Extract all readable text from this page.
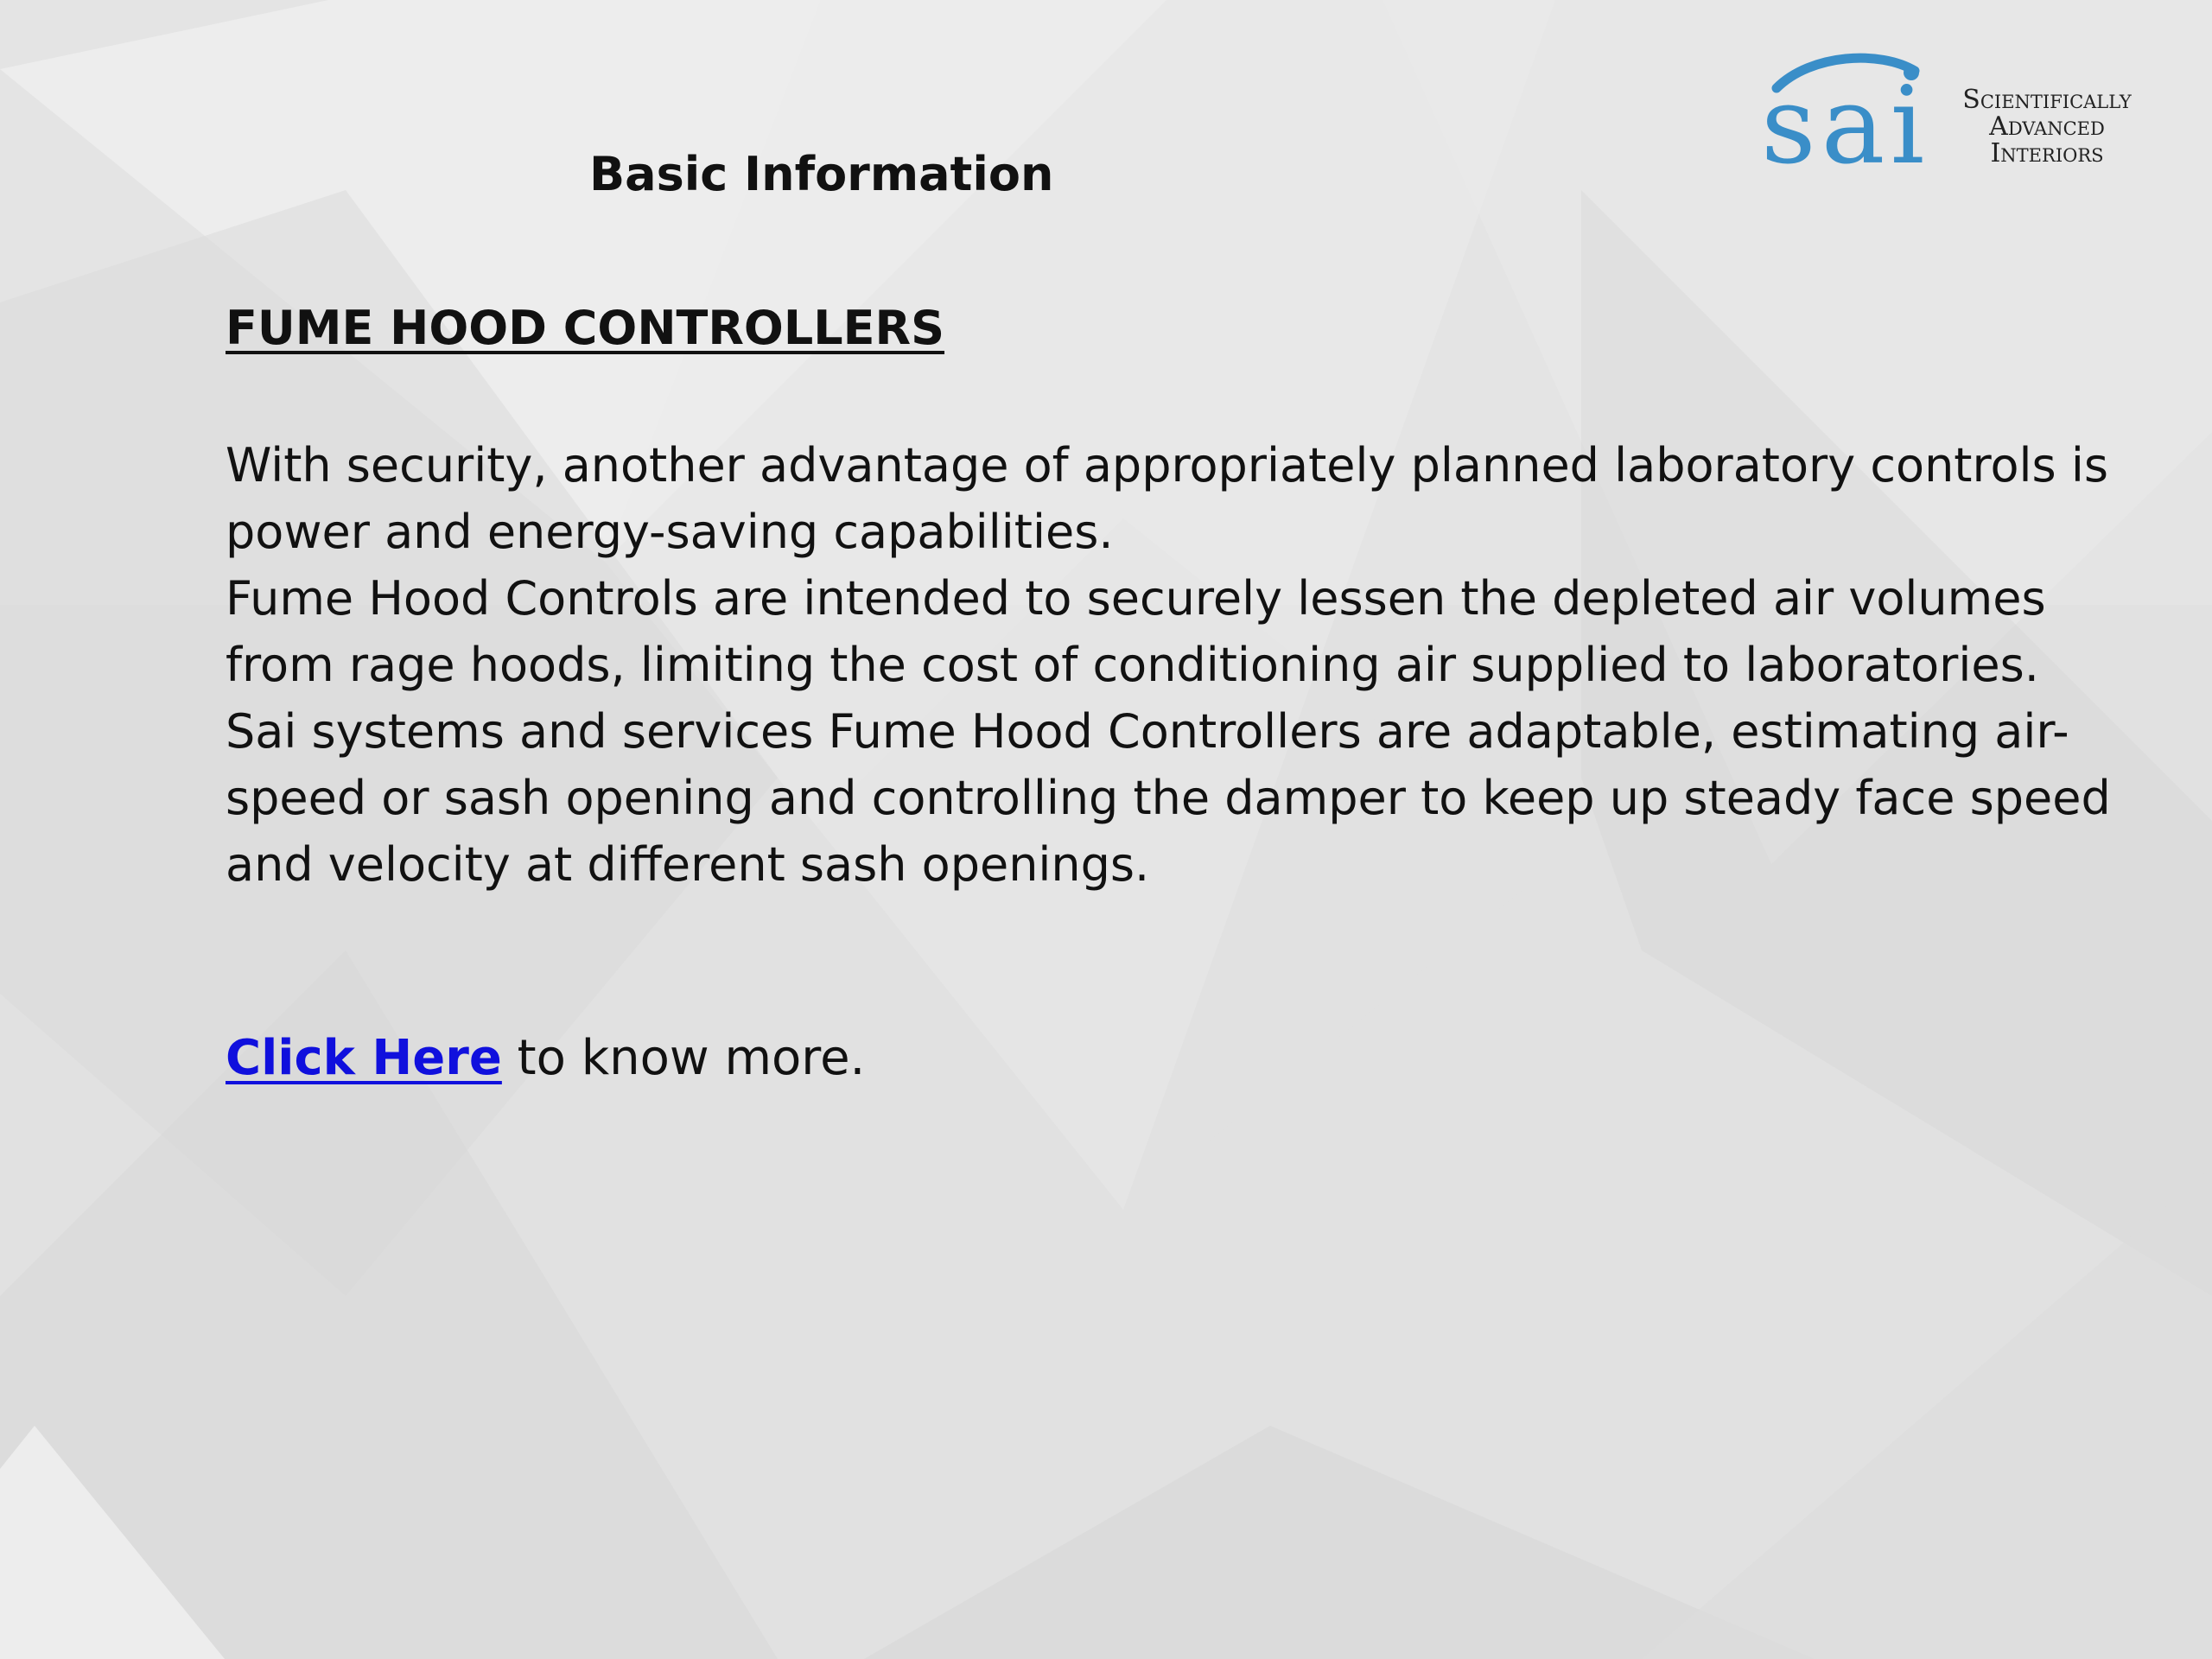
Basic Information
FUME HOOD CONTROLLERS

With security, another advantage of appropriately planned laboratory controls is

power and energy-saving capabilities.

Fume Hood Controls are intended to securely lessen the depleted air volumes

from rage hoods, limiting the cost of conditioning air supplied to laboratories.

Sai systems and services Fume Hood Controllers are adaptable, estimating air-

speed or sash opening and controlling the damper to keep up steady face speed

and velocity at different sash openings.

Click Here to know more.
sai	Scientifically
Advanced
Interiors
